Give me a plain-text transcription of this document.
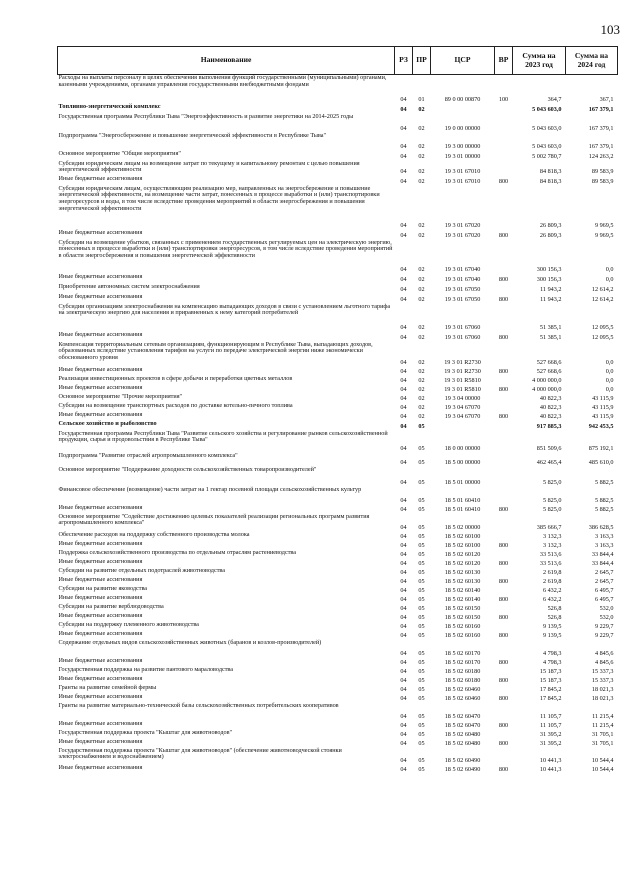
103
Наименование	РЗ	ПР	ЦСР	ВР	Сумма на 2023 год	Сумма на 2024 год
Расходы на выплаты персоналу в целях обеспечения выполнения функций государственными (муниципальными) органами, казенными учреждениями, органами управления государственными внебюджетными фондами	04	01	89 0 00 00870	100	364,7	367,1
Топливно-энергетический комплекс	04	02			5 043 603,0	167 379,1
Государственная программа Республики Тыва "Энергоэффективность и развитие энергетики на 2014-2025 годы	04	02	19 0 00 00000		5 043 603,0	167 379,1
Подпрограмма "Энергосбережение и повышение энергетической эффективности в Республике Тыва"	04	02	19 3 00 00000		5 043 603,0	167 379,1
Основное мероприятие "Общие мероприятия"	04	02	19 3 01 00000		5 002 780,7	124 263,2
Субсидии юридическим лицам на возмещение затрат по текущему и капитальному ремонтам с целью повышения энергетической эффективности	04	02	19 3 01 67010		84 818,3	89 583,9
Иные бюджетные ассигнования	04	02	19 3 01 67010	800	84 818,3	89 583,9
Субсидии юридическим лицам, осуществляющим реализацию мер, направленных на энергосбережение и повышение энергетической эффективности, на возмещение части затрат, понесенных в процессе выработки и (или) транспортировки энергоресурсов и воды, в том числе вследствие проведения мероприятий в области энергосбережения и повышения энергетической эффективности	04	02	19 3 01 67020		26 809,3	9 969,5
Иные бюджетные ассигнования	04	02	19 3 01 67020	800	26 809,3	9 969,5
Субсидии на возмещение убытков, связанных с применением государственных регулируемых цен на электрическую энергию, понесенных в процессе выработки и (или) транспортировки энергоресурсов, в том числе вследствие проведения мероприятий в области энергосбережения и повышения энергетической эффективности	04	02	19 3 01 67040		300 156,3	0,0
Иные бюджетные ассигнования	04	02	19 3 01 67040	800	300 156,3	0,0
Приобретение автономных систем электроснабжения	04	02	19 3 01 67050		11 943,2	12 614,2
Иные бюджетные ассигнования	04	02	19 3 01 67050	800	11 943,2	12 614,2
Субсидии организациям электроснабжения на компенсацию выпадающих доходов в связи с установлением льготного тарифа на электрическую энергию для населения и приравненных к нему категорий потребителей	04	02	19 3 01 67060		51 385,1	12 095,5
Иные бюджетные ассигнования	04	02	19 3 01 67060	800	51 385,1	12 095,5
Компенсация территориальным сетевым организациям, функционирующим в Республике Тыва, выпадающих доходов, образованных вследствие установления тарифов на услуги по передаче электрической энергии ниже экономически обоснованного уровня	04	02	19 3 01 R2730		527 668,6	0,0
Иные бюджетные ассигнования	04	02	19 3 01 R2730	800	527 668,6	0,0
Реализация инвестиционных проектов в сфере добычи и переработки цветных металлов	04	02	19 3 01 R5810		4 000 000,0	0,0
Иные бюджетные ассигнования	04	02	19 3 01 R5810	800	4 000 000,0	0,0
Основное мероприятие "Прочие мероприятия"	04	02	19 3 04 00000		40 822,3	43 115,9
Субсидии на возмещение транспортных расходов по доставке котельно-печного топлива	04	02	19 3 04 67070		40 822,3	43 115,9
Иные бюджетные ассигнования	04	02	19 3 04 67070	800	40 822,3	43 115,9
Сельское хозяйство и рыболовство	04	05			917 885,3	942 453,5
Государственная программа Республики Тыва "Развитие сельского хозяйства и регулирование рынков сельскохозяйственной продукции, сырья и продовольствия в Республике Тыва"	04	05	18 0 00 00000		851 509,6	875 192,1
Подпрограмма "Развитие отраслей агропромышленного комплекса"	04	05	18 5 00 00000		462 465,4	485 610,0
Основное мероприятие "Поддержание доходности сельскохозяйственных товаропроизводителей"	04	05	18 5 01 00000		5 825,0	5 882,5
Финансовое обеспечение (возмещение) части затрат на 1 гектар посевной площади сельскохозяйственных культур	04	05	18 5 01 60410		5 825,0	5 882,5
Иные бюджетные ассигнования	04	05	18 5 01 60410	800	5 825,0	5 882,5
Основное мероприятие "Содействие достижению целевых показателей реализации региональных программ развития агропромышленного комплекса"	04	05	18 5 02 00000		385 666,7	386 628,5
Обеспечение расходов на поддержку собственного производства молока	04	05	18 5 02 60100		3 132,3	3 163,3
Иные бюджетные ассигнования	04	05	18 5 02 60100	800	3 132,3	3 163,3
Поддержка сельскохозяйственного производства по отдельным отраслям растениеводства	04	05	18 5 02 60120		33 513,6	33 844,4
Иные бюджетные ассигнования	04	05	18 5 02 60120	800	33 513,6	33 844,4
Субсидии на развитие отдельных подотраслей животноводства	04	05	18 5 02 60130		2 619,8	2 645,7
Иные бюджетные ассигнования	04	05	18 5 02 60130	800	2 619,8	2 645,7
Субсидии на развитие яководства	04	05	18 5 02 60140		6 432,2	6 495,7
Иные бюджетные ассигнования	04	05	18 5 02 60140	800	6 432,2	6 495,7
Субсидии на развитие верблюдоводства	04	05	18 5 02 60150		526,8	532,0
Иные бюджетные ассигнования	04	05	18 5 02 60150	800	526,8	532,0
Субсидии на поддержку племенного животноводства	04	05	18 5 02 60160		9 139,5	9 229,7
Иные бюджетные ассигнования	04	05	18 5 02 60160	800	9 139,5	9 229,7
Содержание отдельных видов сельскохозяйственных животных (баранов и козлов-производителей)	04	05	18 5 02 60170		4 798,3	4 845,6
Иные бюджетные ассигнования	04	05	18 5 02 60170	800	4 798,3	4 845,6
Государственная поддержка на развитие пантового мараловодства	04	05	18 5 02 60180		15 187,3	15 337,3
Иные бюджетные ассигнования	04	05	18 5 02 60180	800	15 187,3	15 337,3
Гранты на развитие семейной фермы	04	05	18 5 02 60460		17 845,2	18 021,3
Иные бюджетные ассигнования	04	05	18 5 02 60460	800	17 845,2	18 021,3
Гранты на развитие материально-технической базы сельскохозяйственных потребительских кооперативов	04	05	18 5 02 60470		11 105,7	11 215,4
Иные бюджетные ассигнования	04	05	18 5 02 60470	800	11 105,7	11 215,4
Государственная поддержка проекта "Кыштаг для животноводов"	04	05	18 5 02 60480		31 395,2	31 705,1
Иные бюджетные ассигнования	04	05	18 5 02 60480	800	31 395,2	31 705,1
Государственная поддержка проекта "Кыштаг для животноводов" (обеспечение животноводческой стоянки электроснабжением и водоснабжением)	04	05	18 5 02 60490		10 441,3	10 544,4
Иные бюджетные ассигнования	04	05	18 5 02 60490	800	10 441,3	10 544,4
